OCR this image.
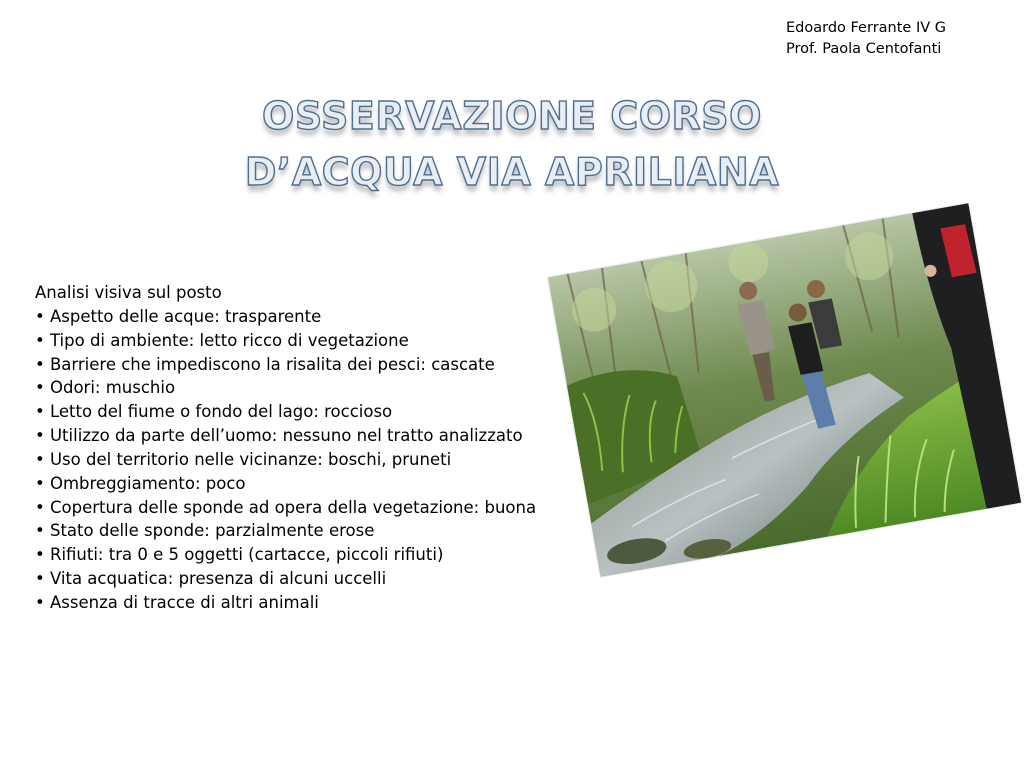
Edoardo Ferrante IV G
Prof. Paola Centofanti
OSSERVAZIONE CORSO
D’ACQUA VIA APRILIANA
Analisi visiva sul posto
• Aspetto delle acque: trasparente
• Tipo di ambiente: letto ricco di vegetazione
• Barriere che impediscono la risalita dei pesci: cascate
• Odori: muschio
• Letto del fiume o fondo del lago: roccioso
• Utilizzo da parte dell’uomo: nessuno nel tratto analizzato
• Uso del territorio nelle vicinanze: boschi, pruneti
• Ombreggiamento: poco
• Copertura delle sponde ad opera della vegetazione: buona
• Stato delle sponde: parzialmente erose
• Rifiuti: tra 0 e 5 oggetti (cartacce, piccoli rifiuti)
• Vita acquatica: presenza di alcuni uccelli
• Assenza di tracce di altri animali
